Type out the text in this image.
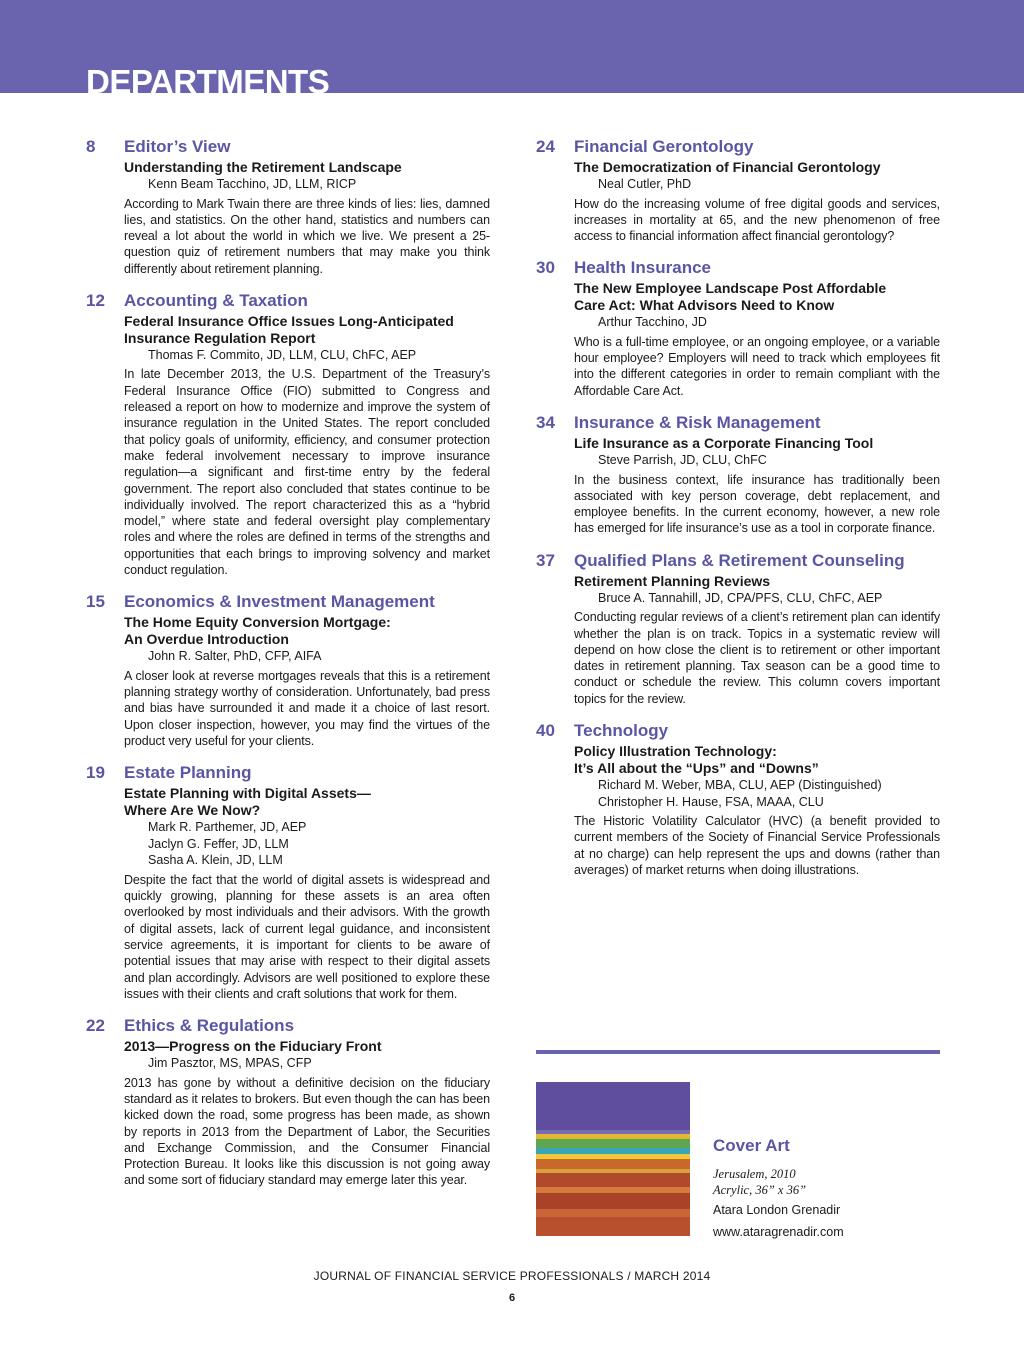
DEPARTMENTS
8 Editor’s View
Understanding the Retirement Landscape
Kenn Beam Tacchino, JD, LLM, RICP
According to Mark Twain there are three kinds of lies: lies, damned lies, and statistics. On the other hand, statistics and numbers can reveal a lot about the world in which we live. We present a 25-question quiz of retirement numbers that may make you think differently about retirement planning.
12 Accounting & Taxation
Federal Insurance Office Issues Long-Anticipated
Insurance Regulation Report
Thomas F. Commito, JD, LLM, CLU, ChFC, AEP
In late December 2013, the U.S. Department of the Treasury’s Federal Insurance Office (FIO) submitted to Congress and released a report on how to modernize and improve the system of insurance regulation in the United States. The report concluded that policy goals of uniformity, efficiency, and consumer protection make federal involvement necessary to improve insurance regulation—a significant and first-time entry by the federal government. The report also concluded that states continue to be individually involved. The report characterized this as a “hybrid model,” where state and federal oversight play complementary roles and where the roles are defined in terms of the strengths and opportunities that each brings to improving solvency and market conduct regulation.
15 Economics & Investment Management
The Home Equity Conversion Mortgage:
An Overdue Introduction
John R. Salter, PhD, CFP, AIFA
A closer look at reverse mortgages reveals that this is a retirement planning strategy worthy of consideration. Unfortunately, bad press and bias have surrounded it and made it a choice of last resort. Upon closer inspection, however, you may find the virtues of the product very useful for your clients.
19 Estate Planning
Estate Planning with Digital Assets—
Where Are We Now?
Mark R. Parthemer, JD, AEP
Jaclyn G. Feffer, JD, LLM
Sasha A. Klein, JD, LLM
Despite the fact that the world of digital assets is widespread and quickly growing, planning for these assets is an area often overlooked by most individuals and their advisors. With the growth of digital assets, lack of current legal guidance, and inconsistent service agreements, it is important for clients to be aware of potential issues that may arise with respect to their digital assets and plan accordingly. Advisors are well positioned to explore these issues with their clients and craft solutions that work for them.
22 Ethics & Regulations
2013—Progress on the Fiduciary Front
Jim Pasztor, MS, MPAS, CFP
2013 has gone by without a definitive decision on the fiduciary standard as it relates to brokers. But even though the can has been kicked down the road, some progress has been made, as shown by reports in 2013 from the Department of Labor, the Securities and Exchange Commission, and the Consumer Financial Protection Bureau. It looks like this discussion is not going away and some sort of fiduciary standard may emerge later this year.
24 Financial Gerontology
The Democratization of Financial Gerontology
Neal Cutler, PhD
How do the increasing volume of free digital goods and services, increases in mortality at 65, and the new phenomenon of free access to financial information affect financial gerontology?
30 Health Insurance
The New Employee Landscape Post Affordable
Care Act: What Advisors Need to Know
Arthur Tacchino, JD
Who is a full-time employee, or an ongoing employee, or a variable hour employee? Employers will need to track which employees fit into the different categories in order to remain compliant with the Affordable Care Act.
34 Insurance & Risk Management
Life Insurance as a Corporate Financing Tool
Steve Parrish, JD, CLU, ChFC
In the business context, life insurance has traditionally been associated with key person coverage, debt replacement, and employee benefits. In the current economy, however, a new role has emerged for life insurance’s use as a tool in corporate finance.
37 Qualified Plans & Retirement Counseling
Retirement Planning Reviews
Bruce A. Tannahill, JD, CPA/PFS, CLU, ChFC, AEP
Conducting regular reviews of a client’s retirement plan can identify whether the plan is on track. Topics in a systematic review will depend on how close the client is to retirement or other important dates in retirement planning. Tax season can be a good time to conduct or schedule the review. This column covers important topics for the review.
40 Technology
Policy Illustration Technology:
It’s All about the “Ups” and “Downs”
Richard M. Weber, MBA, CLU, AEP (Distinguished)
Christopher H. Hause, FSA, MAAA, CLU
The Historic Volatility Calculator (HVC) (a benefit provided to current members of the Society of Financial Service Professionals at no charge) can help represent the ups and downs (rather than averages) of market returns when doing illustrations.
Cover Art
Jerusalem, 2010
Acrylic, 36” x 36”
Atara London Grenadir
www.ataragrenadir.com
JOURNAL OF FINANCIAL SERVICE PROFESSIONALS / MARCH 2014
6
